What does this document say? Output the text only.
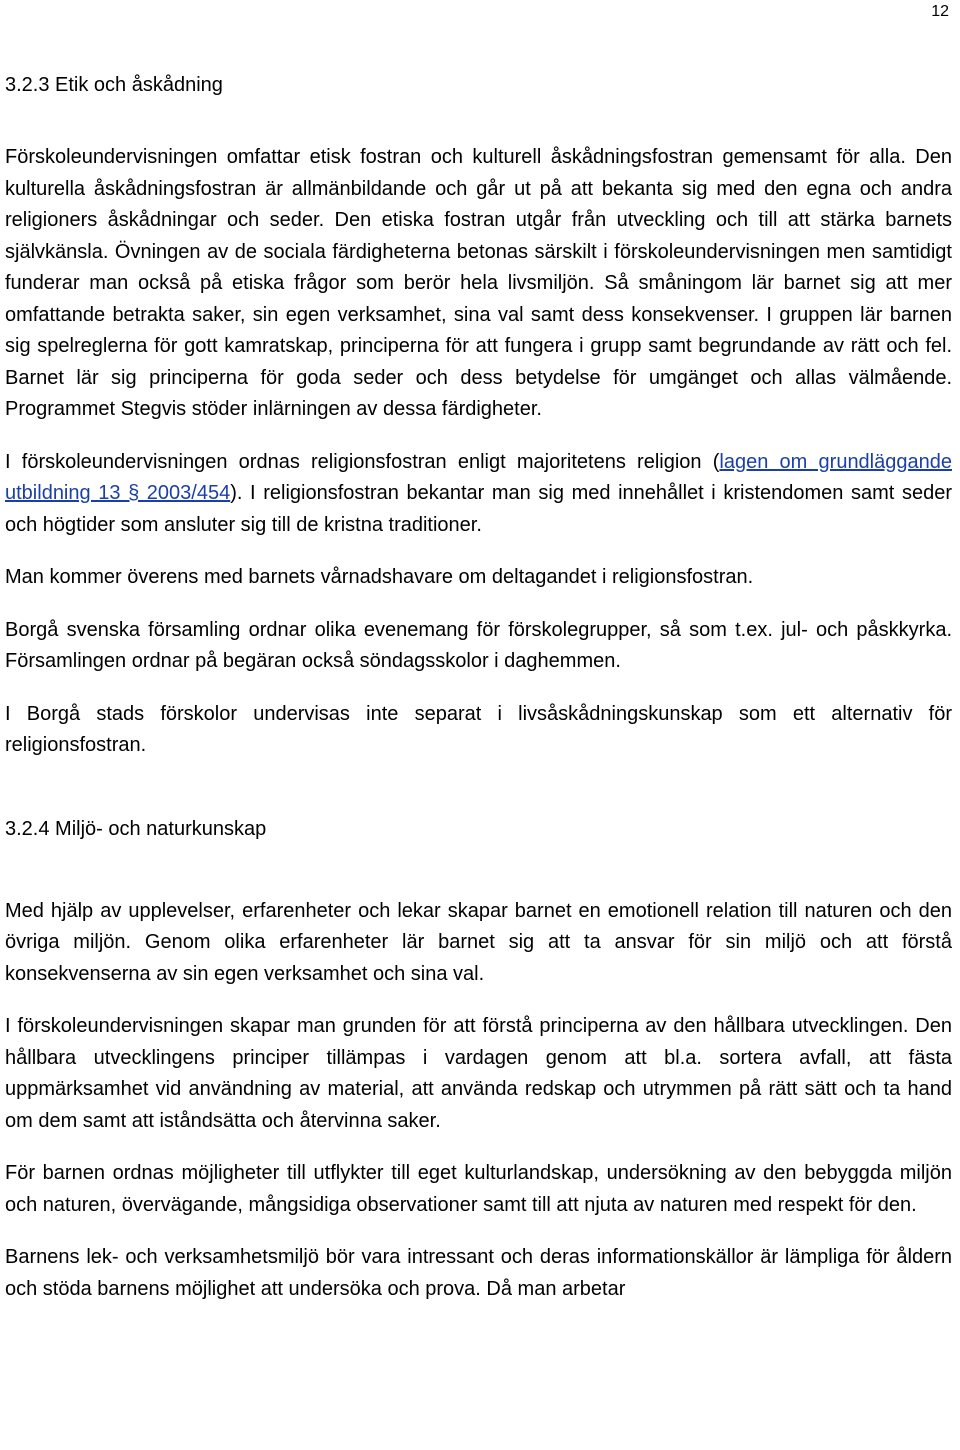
12
3.2.3 Etik och åskådning

Förskoleundervisningen omfattar etisk fostran och kulturell åskådningsfostran gemensamt för alla. Den kulturella åskådningsfostran är allmänbildande och går ut på att bekanta sig med den egna och andra religioners åskådningar och seder. Den etiska fostran utgår från utveckling och till att stärka barnets självkänsla. Övningen av de sociala färdigheterna betonas särskilt i förskoleundervisningen men samtidigt funderar man också på etiska frågor som berör hela livsmiljön. Så småningom lär barnet sig att mer omfattande betrakta saker, sin egen verksamhet, sina val samt dess konsekvenser. I gruppen lär barnen sig spelreglerna för gott kamratskap, principerna för att fungera i grupp samt begrundande av rätt och fel. Barnet lär sig principerna för goda seder och dess betydelse för umgänget och allas välmående. Programmet Stegvis stöder inlärningen av dessa färdigheter.

I förskoleundervisningen ordnas religionsfostran enligt majoritetens religion (lagen om grundläggande utbildning 13 § 2003/454). I religionsfostran bekantar man sig med innehållet i kristendomen samt seder och högtider som ansluter sig till de kristna traditioner.

Man kommer överens med barnets vårnadshavare om deltagandet i religionsfostran.

Borgå svenska församling ordnar olika evenemang för förskolegrupper, så som t.ex. jul- och påskkyrka. Församlingen ordnar på begäran också söndagsskolor i daghemmen.

I Borgå stads förskolor undervisas inte separat i livsåskådningskunskap som ett alternativ för religionsfostran.

3.2.4 Miljö- och naturkunskap

Med hjälp av upplevelser, erfarenheter och lekar skapar barnet en emotionell relation till naturen och den övriga miljön. Genom olika erfarenheter lär barnet sig att ta ansvar för sin miljö och att förstå konsekvenserna av sin egen verksamhet och sina val.

I förskoleundervisningen skapar man grunden för att förstå principerna av den hållbara utvecklingen. Den hållbara utvecklingens principer tillämpas i vardagen genom att bl.a. sortera avfall, att fästa uppmärksamhet vid användning av material, att använda redskap och utrymmen på rätt sätt och ta hand om dem samt att iståndsätta och återvinna saker.

För barnen ordnas möjligheter till utflykter till eget kulturlandskap, undersökning av den bebyggda miljön och naturen, övervägande, mångsidiga observationer samt till att njuta av naturen med respekt för den.

Barnens lek- och verksamhetsmiljö bör vara intressant och deras informationskällor är lämpliga för åldern och stöda barnens möjlighet att undersöka och prova. Då man arbetar
